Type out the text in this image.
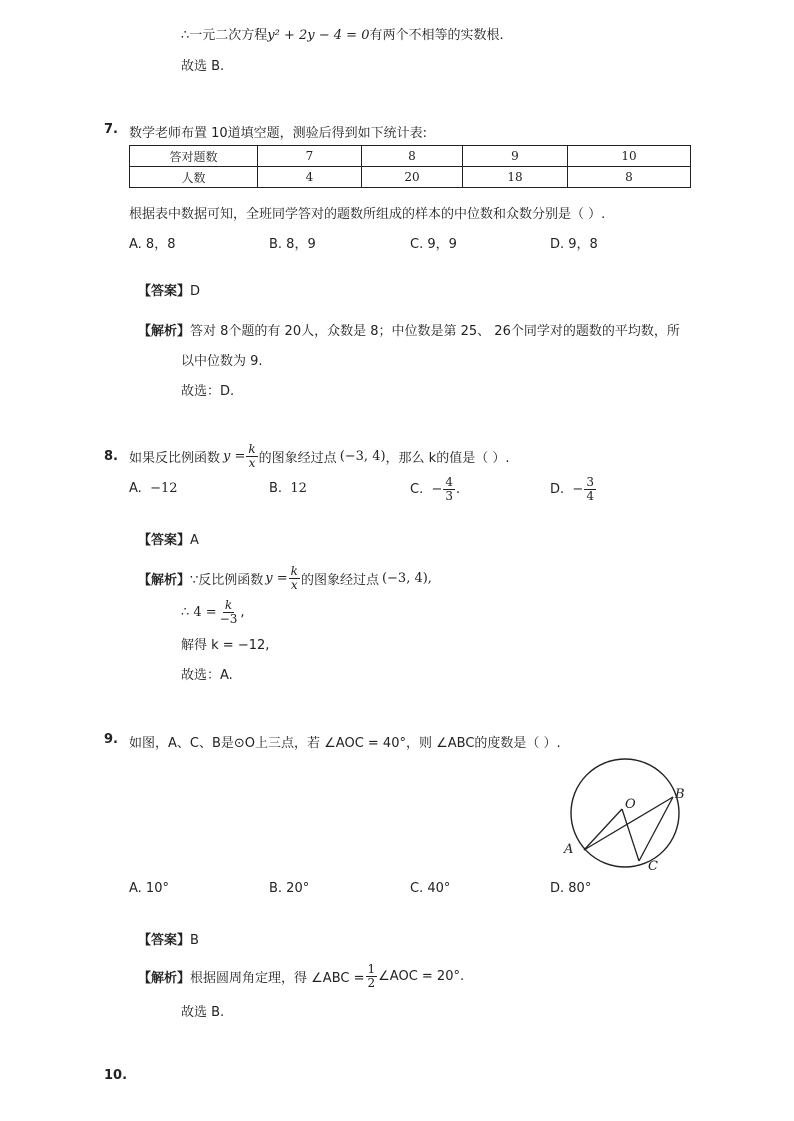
∴一元二次方程y² + 2y − 4 = 0有两个不相等的实数根.
故选 B.
7. 数学老师布置 10道填空题，测验后得到如下统计表:
答对题数	7	8	9	10
人数	4	20	18	8
根据表中数据可知，全班同学答对的题数所组成的样本的中位数和众数分别是（ ）.
A. 8，8	B. 8，9	C. 9，9	D. 9，8
【答案】D
【解析】答对 8个题的有 20人，众数是 8；中位数是第 25、 26个同学对的题数的平均数，所
以中位数为 9.
故选：D.
8. 如果反比例函数 $y = \frac{k}{x}$ 的图象经过点 (−3, 4) ，那么 k的值是（ ）.
A. −12	B. 12	C.
− $\frac{4}{3}$ .	D.
− $\frac{3}{4}$
【答案】A
【解析】 ∵反比例函数 $y = \frac{k}{x}$ 的图象经过点 (−3, 4),
∴ $4 = \frac{k}{-3}$ ,
解得 k = −12,
故选：A.
9. 如图，A、C、B是⊙O上三点，若 ∠AOC = 40°，则 ∠ABC的度数是（ ）.
O
A
B
C
A. 10°	B. 20°	C. 40°	D. 80°
【答案】B
【解析】 根据圆周角定理，得 ∠ABC = $\frac{1}{2}$ ∠AOC = 20°.
故选 B.
10.
